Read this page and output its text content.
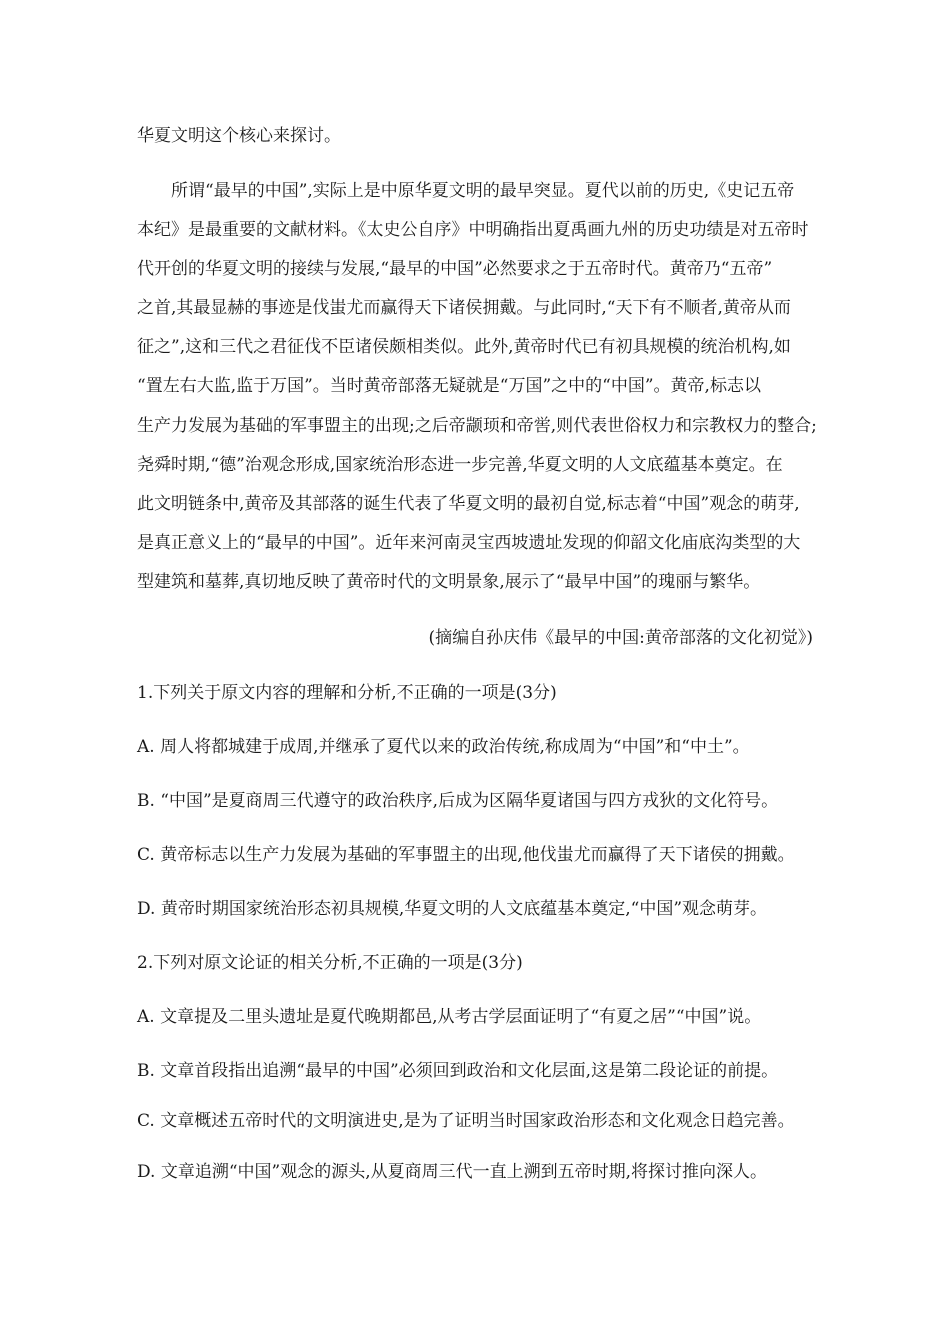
华夏文明这个核心来探讨。
　　所谓“最早的中国”,实际上是中原华夏文明的最早突显。夏代以前的历史,《史记五帝
本纪》是最重要的文献材料。《太史公自序》中明确指出夏禹画九州的历史功绩是对五帝时
代开创的华夏文明的接续与发展,“最早的中国”必然要求之于五帝时代。黄帝乃“五帝”
之首,其最显赫的事迹是伐蚩尤而赢得天下诸侯拥戴。与此同时,“天下有不顺者,黄帝从而
征之”,这和三代之君征伐不臣诸侯颇相类似。此外,黄帝时代已有初具规模的统治机构,如
“置左右大监,监于万国”。当时黄帝部落无疑就是“万国”之中的“中国”。黄帝,标志以
生产力发展为基础的军事盟主的出现;之后帝颛顼和帝喾,则代表世俗权力和宗教权力的整合;
尧舜时期,“德”治观念形成,国家统治形态进一步完善,华夏文明的人文底蕴基本奠定。在
此文明链条中,黄帝及其部落的诞生代表了华夏文明的最初自觉,标志着“中国”观念的萌芽,
是真正意义上的“最早的中国”。近年来河南灵宝西坡遗址发现的仰韶文化庙底沟类型的大
型建筑和墓葬,真切地反映了黄帝时代的文明景象,展示了“最早中国”的瑰丽与繁华。
(摘编自孙庆伟《最早的中国:黄帝部落的文化初觉》)
1.下列关于原文内容的理解和分析,不正确的一项是(3分)
A. 周人将都城建于成周,并继承了夏代以来的政治传统,称成周为“中国”和“中土”。
B. “中国”是夏商周三代遵守的政治秩序,后成为区隔华夏诸国与四方戎狄的文化符号。
C. 黄帝标志以生产力发展为基础的军事盟主的出现,他伐蚩尤而赢得了天下诸侯的拥戴。
D. 黄帝时期国家统治形态初具规模,华夏文明的人文底蕴基本奠定,“中国”观念萌芽。
2.下列对原文论证的相关分析,不正确的一项是(3分)
A. 文章提及二里头遗址是夏代晚期都邑,从考古学层面证明了“有夏之居”“中国”说。
B. 文章首段指出追溯“最早的中国”必须回到政治和文化层面,这是第二段论证的前提。
C. 文章概述五帝时代的文明演进史,是为了证明当时国家政治形态和文化观念日趋完善。
D. 文章追溯“中国”观念的源头,从夏商周三代一直上溯到五帝时期,将探讨推向深人。
